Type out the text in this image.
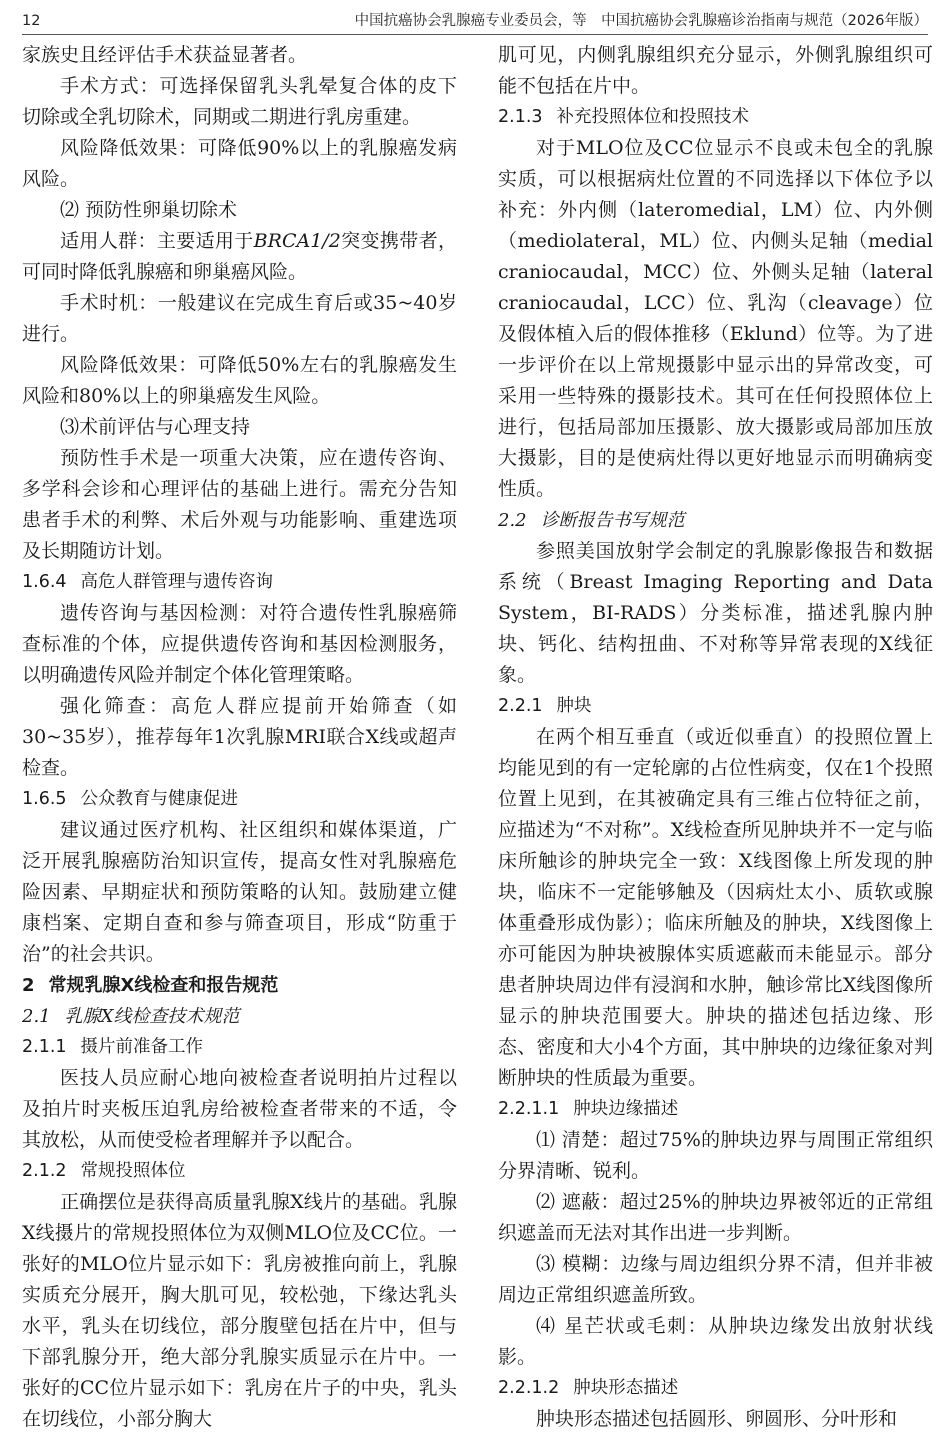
12	中国抗癌协会乳腺癌专业委员会，等　中国抗癌协会乳腺癌诊治指南与规范（2026年版）

家族史且经评估手术获益显著者。

手术方式：可选择保留乳头乳晕复合体的皮下切除或全乳切除术，同期或二期进行乳房重建。

风险降低效果：可降低90%以上的乳腺癌发病风险。

⑵ 预防性卵巢切除术

适用人群：主要适用于BRCA1/2突变携带者，可同时降低乳腺癌和卵巢癌风险。

手术时机：一般建议在完成生育后或35~40岁进行。

风险降低效果：可降低50%左右的乳腺癌发生风险和80%以上的卵巢癌发生风险。

⑶术前评估与心理支持

预防性手术是一项重大决策，应在遗传咨询、多学科会诊和心理评估的基础上进行。需充分告知患者手术的利弊、术后外观与功能影响、重建选项及长期随访计划。

1.6.4 高危人群管理与遗传咨询

遗传咨询与基因检测：对符合遗传性乳腺癌筛查标准的个体，应提供遗传咨询和基因检测服务，以明确遗传风险并制定个体化管理策略。

强化筛查：高危人群应提前开始筛查（如30~35岁），推荐每年1次乳腺MRI联合X线或超声检查。

1.6.5 公众教育与健康促进

建议通过医疗机构、社区组织和媒体渠道，广泛开展乳腺癌防治知识宣传，提高女性对乳腺癌危险因素、早期症状和预防策略的认知。鼓励建立健康档案、定期自查和参与筛查项目，形成“防重于治”的社会共识。

2 常规乳腺X线检查和报告规范

2.1 乳腺X线检查技术规范

2.1.1 摄片前准备工作

医技人员应耐心地向被检查者说明拍片过程以及拍片时夹板压迫乳房给被检查者带来的不适，令其放松，从而使受检者理解并予以配合。

2.1.2 常规投照体位

正确摆位是获得高质量乳腺X线片的基础。乳腺X线摄片的常规投照体位为双侧MLO位及CC位。一张好的MLO位片显示如下：乳房被推向前上，乳腺实质充分展开，胸大肌可见，较松弛，下缘达乳头水平，乳头在切线位，部分腹壁包括在片中，但与下部乳腺分开，绝大部分乳腺实质显示在片中。一张好的CC位片显示如下：乳房在片子的中央，乳头在切线位，小部分胸大

肌可见，内侧乳腺组织充分显示，外侧乳腺组织可能不包括在片中。

2.1.3 补充投照体位和投照技术

对于MLO位及CC位显示不良或未包全的乳腺实质，可以根据病灶位置的不同选择以下体位予以补充：外内侧（lateromedial，LM）位、内外侧（mediolateral，ML）位、内侧头足轴（medial craniocaudal，MCC）位、外侧头足轴（lateral craniocaudal，LCC）位、乳沟（cleavage）位及假体植入后的假体推移（Eklund）位等。为了进一步评价在以上常规摄影中显示出的异常改变，可采用一些特殊的摄影技术。其可在任何投照体位上进行，包括局部加压摄影、放大摄影或局部加压放大摄影，目的是使病灶得以更好地显示而明确病变性质。

2.2 诊断报告书写规范

参照美国放射学会制定的乳腺影像报告和数据系统（Breast Imaging Reporting and Data System，BI-RADS）分类标准，描述乳腺内肿块、钙化、结构扭曲、不对称等异常表现的X线征象。

2.2.1 肿块

在两个相互垂直（或近似垂直）的投照位置上均能见到的有一定轮廓的占位性病变，仅在1个投照位置上见到，在其被确定具有三维占位特征之前，应描述为“不对称”。X线检查所见肿块并不一定与临床所触诊的肿块完全一致：X线图像上所发现的肿块，临床不一定能够触及（因病灶太小、质软或腺体重叠形成伪影）；临床所触及的肿块，X线图像上亦可能因为肿块被腺体实质遮蔽而未能显示。部分患者肿块周边伴有浸润和水肿，触诊常比X线图像所显示的肿块范围要大。肿块的描述包括边缘、形态、密度和大小4个方面，其中肿块的边缘征象对判断肿块的性质最为重要。

2.2.1.1 肿块边缘描述

⑴ 清楚：超过75%的肿块边界与周围正常组织分界清晰、锐利。

⑵ 遮蔽：超过25%的肿块边界被邻近的正常组织遮盖而无法对其作出进一步判断。

⑶ 模糊：边缘与周边组织分界不清，但并非被周边正常组织遮盖所致。

⑷ 星芒状或毛刺：从肿块边缘发出放射状线影。

2.2.1.2 肿块形态描述

肿块形态描述包括圆形、卵圆形、分叶形和
